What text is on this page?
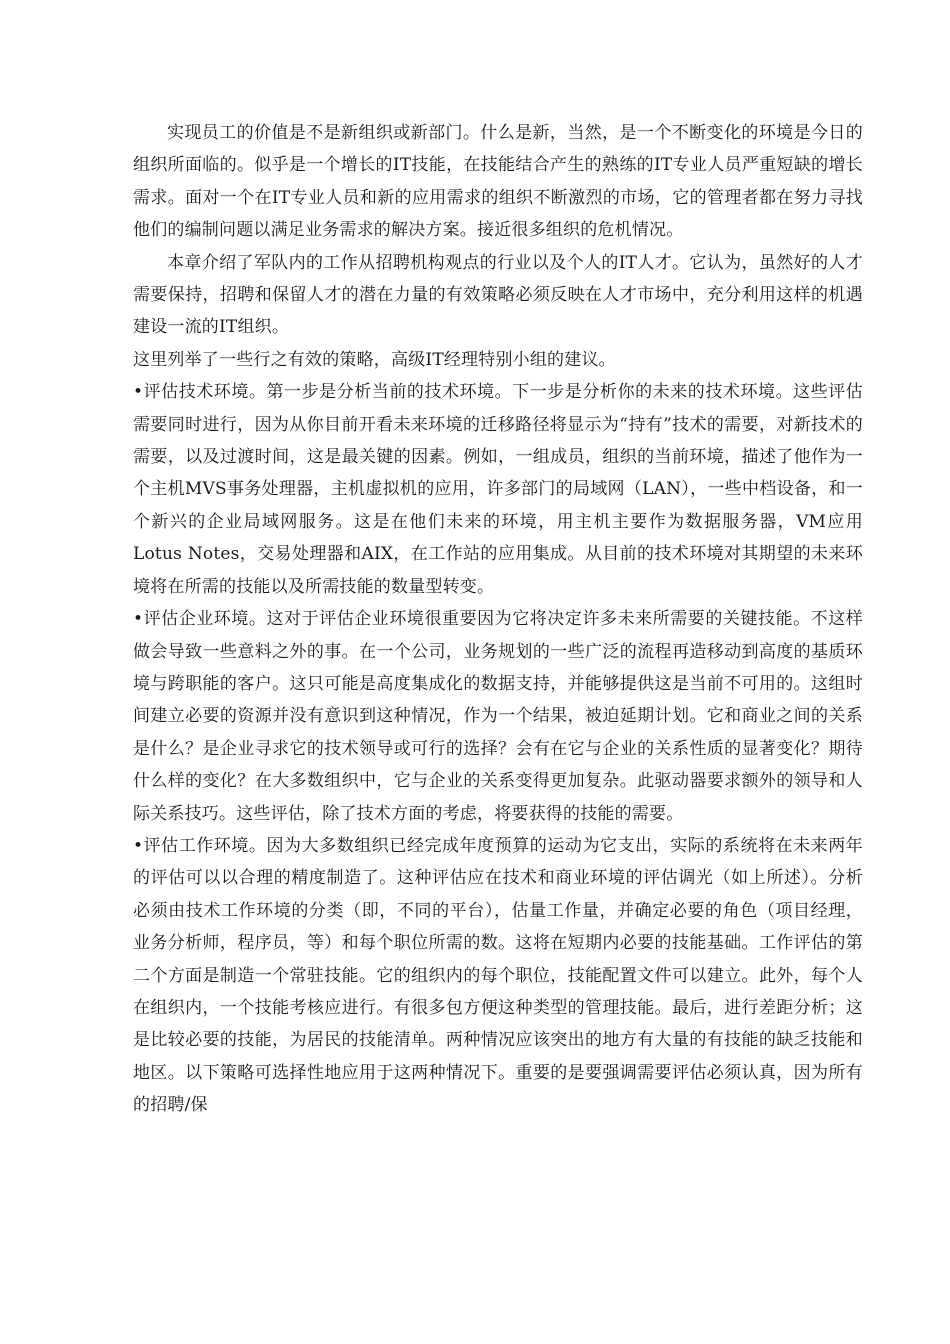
实现员工的价值是不是新组织或新部门。什么是新，当然，是一个不断变化的环境是今日的组织所面临的。似乎是一个增长的IT技能，在技能结合产生的熟练的IT专业人员严重短缺的增长需求。面对一个在IT专业人员和新的应用需求的组织不断激烈的市场，它的管理者都在努力寻找他们的编制问题以满足业务需求的解决方案。接近很多组织的危机情况。

本章介绍了军队内的工作从招聘机构观点的行业以及个人的IT人才。它认为，虽然好的人才需要保持，招聘和保留人才的潜在力量的有效策略必须反映在人才市场中，充分利用这样的机遇建设一流的IT组织。

这里列举了一些行之有效的策略，高级IT经理特别小组的建议。

•评估技术环境。第一步是分析当前的技术环境。下一步是分析你的未来的技术环境。这些评估需要同时进行，因为从你目前开看未来环境的迁移路径将显示为“持有”技术的需要，对新技术的需要，以及过渡时间，这是最关键的因素。例如，一组成员，组织的当前环境，描述了他作为一个主机MVS事务处理器，主机虚拟机的应用，许多部门的局域网（LAN），一些中档设备，和一个新兴的企业局域网服务。这是在他们未来的环境，用主机主要作为数据服务器，VM应用Lotus Notes，交易处理器和AIX，在工作站的应用集成。从目前的技术环境对其期望的未来环境将在所需的技能以及所需技能的数量型转变。

•评估企业环境。这对于评估企业环境很重要因为它将决定许多未来所需要的关键技能。不这样做会导致一些意料之外的事。在一个公司，业务规划的一些广泛的流程再造移动到高度的基质环境与跨职能的客户。这只可能是高度集成化的数据支持，并能够提供这是当前不可用的。这组时间建立必要的资源并没有意识到这种情况，作为一个结果，被迫延期计划。它和商业之间的关系是什么？是企业寻求它的技术领导或可行的选择？会有在它与企业的关系性质的显著变化？期待什么样的变化？在大多数组织中，它与企业的关系变得更加复杂。此驱动器要求额外的领导和人际关系技巧。这些评估，除了技术方面的考虑，将要获得的技能的需要。

•评估工作环境。因为大多数组织已经完成年度预算的运动为它支出，实际的系统将在未来两年的评估可以以合理的精度制造了。这种评估应在技术和商业环境的评估调光（如上所述）。分析必须由技术工作环境的分类（即，不同的平台），估量工作量，并确定必要的角色（项目经理，业务分析师，程序员，等）和每个职位所需的数。这将在短期内必要的技能基础。工作评估的第二个方面是制造一个常驻技能。它的组织内的每个职位，技能配置文件可以建立。此外，每个人在组织内，一个技能考核应进行。有很多包方便这种类型的管理技能。最后，进行差距分析；这是比较必要的技能，为居民的技能清单。两种情况应该突出的地方有大量的有技能的缺乏技能和地区。以下策略可选择性地应用于这两种情况下。重要的是要强调需要评估必须认真，因为所有的招聘/保
